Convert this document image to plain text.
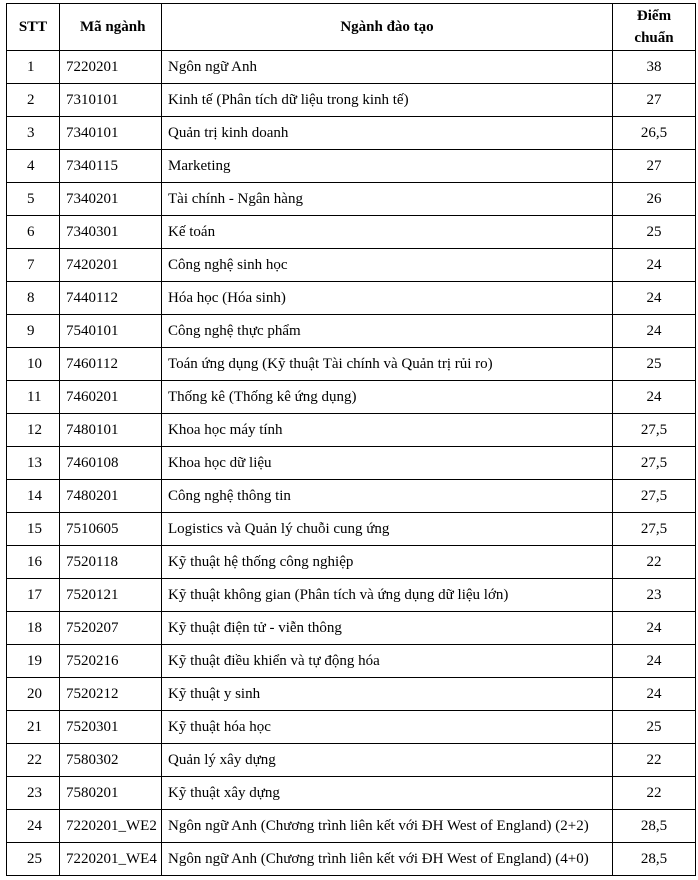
STT	Mã ngành	Ngành đào tạo	Điểm
chuẩn

1	7220201	Ngôn ngữ Anh	38
2	7310101	Kinh tế (Phân tích dữ liệu trong kinh tế)	27
3	7340101	Quản trị kinh doanh	26,5
4	7340115	Marketing	27
5	7340201	Tài chính - Ngân hàng	26
6	7340301	Kế toán	25
7	7420201	Công nghệ sinh học	24
8	7440112	Hóa học (Hóa sinh)	24
9	7540101	Công nghệ thực phẩm	24
10	7460112	Toán ứng dụng (Kỹ thuật Tài chính và Quản trị rủi ro)	25
11	7460201	Thống kê (Thống kê ứng dụng)	24
12	7480101	Khoa học máy tính	27,5
13	7460108	Khoa học dữ liệu	27,5
14	7480201	Công nghệ thông tin	27,5
15	7510605	Logistics và Quản lý chuỗi cung ứng	27,5
16	7520118	Kỹ thuật hệ thống công nghiệp	22
17	7520121	Kỹ thuật không gian (Phân tích và ứng dụng dữ liệu lớn)	23
18	7520207	Kỹ thuật điện tử - viễn thông	24
19	7520216	Kỹ thuật điều khiển và tự động hóa	24
20	7520212	Kỹ thuật y sinh	24
21	7520301	Kỹ thuật hóa học	25
22	7580302	Quản lý xây dựng	22
23	7580201	Kỹ thuật xây dựng	22
24	7220201_WE2	Ngôn ngữ Anh (Chương trình liên kết với ĐH West of England) (2+2)	28,5
25	7220201_WE4	Ngôn ngữ Anh (Chương trình liên kết với ĐH West of England) (4+0)	28,5
